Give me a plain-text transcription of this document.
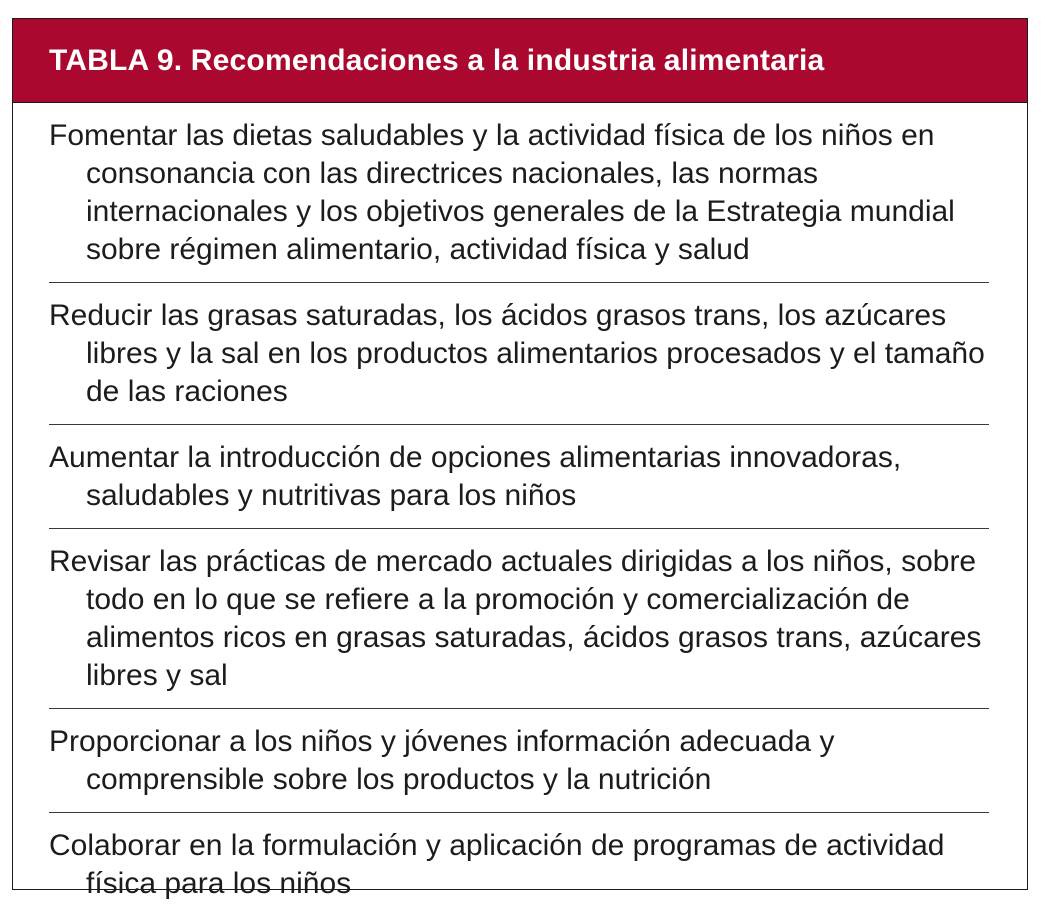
TABLA 9. Recomendaciones a la industria alimentaria
Fomentar las dietas saludables y la actividad física de los niños en consonancia con las directrices nacionales, las normas internacionales y los objetivos generales de la Estrategia mundial sobre régimen alimentario, actividad física y salud
Reducir las grasas saturadas, los ácidos grasos trans, los azúcares libres y la sal en los productos alimentarios procesados y el tamaño de las raciones
Aumentar la introducción de opciones alimentarias innovadoras, saludables y nutritivas para los niños
Revisar las prácticas de mercado actuales dirigidas a los niños, sobre todo en lo que se refiere a la promoción y comercialización de alimentos ricos en grasas saturadas, ácidos grasos trans, azúcares libres y sal
Proporcionar a los niños y jóvenes información adecuada y comprensible sobre los productos y la nutrición
Colaborar en la formulación y aplicación de programas de actividad física para los niños
